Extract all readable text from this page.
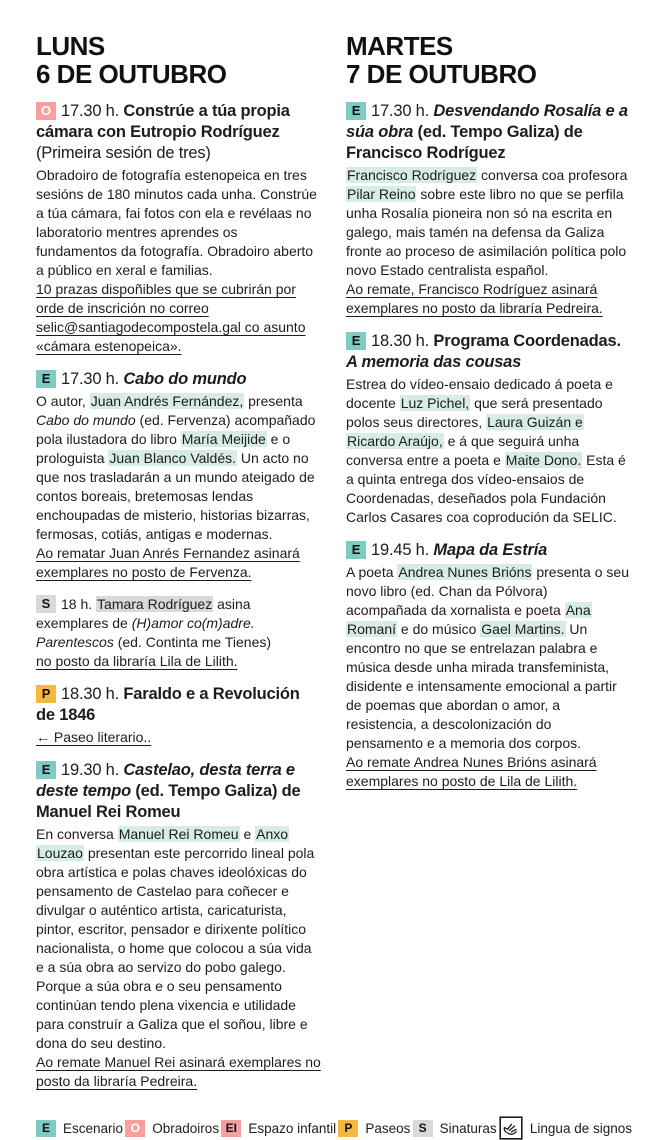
LUNS
6 DE OUTUBRO

O 17.30 h. Constrúe a túa propia cámara con Eutropio Rodríguez (Primeira sesión de tres)

Obradoiro de fotografía estenopeica en tres sesións de 180 minutos cada unha. Constrúe a túa cámara, fai fotos con ela e revélaas no laboratorio mentres aprendes os fundamentos da fotografía. Obradoiro aberto a público en xeral e familias.
10 prazas dispoñibles que se cubrirán por orde de inscrición no correo selic@santiagodecompostela.gal co asunto «cámara estenopeica».

E 17.30 h. Cabo do mundo

O autor, Juan Andrés Fernández, presenta Cabo do mundo (ed. Fervenza) acompañado pola ilustadora do libro María Meijide e o prologuista Juan Blanco Valdés. Un acto no que nos trasladarán a un mundo ateigado de contos boreais, bretemosas lendas enchoupadas de misterio, historias bizarras, fermosas, cotiás, antigas e modernas.
Ao rematar Juan Anrés Fernandez asinará exemplares no posto de Fervenza.

S 18 h. Tamara Rodríguez asina exemplares de (H)amor co(m)adre. Parentescos (ed. Continta me Tienes)
no posto da libraría Lila de Lilith.

P 18.30 h. Faraldo e a Revolución de 1846

← Paseo literario..

E 19.30 h. Castelao, desta terra e deste tempo (ed. Tempo Galiza) de Manuel Rei Romeu

En conversa Manuel Rei Romeu e Anxo Louzao presentan este percorrido lineal pola obra artística e polas chaves ideolóxicas do pensamento de Castelao para coñecer e divulgar o auténtico artista, caricaturista, pintor, escritor, pensador e dirixente político nacionalista, o home que colocou a súa vida e a súa obra ao servizo do pobo galego. Porque a súa obra e o seu pensamento continúan tendo plena vixencia e utilidade para construír a Galiza que el soñou, libre e dona do seu destino.
Ao remate Manuel Rei asinará exemplares no posto da libraría Pedreira.

MARTES
7 DE OUTUBRO

E 17.30 h. Desvendando Rosalía e a súa obra (ed. Tempo Galiza) de Francisco Rodríguez

Francisco Rodríguez conversa coa profesora Pilar Reino sobre este libro no que se perfila unha Rosalía pioneira non só na escrita en galego, mais tamén na defensa da Galiza fronte ao proceso de asimilación política polo novo Estado centralista español.
Ao remate, Francisco Rodríguez asinará exemplares no posto da libraría Pedreira.

E 18.30 h. Programa Coordenadas. A memoria das cousas

Estrea do vídeo-ensaio dedicado á poeta e docente Luz Pichel, que será presentado polos seus directores, Laura Guizán e Ricardo Araújo, e á que seguirá unha conversa entre a poeta e Maite Dono. Esta é a quinta entrega dos vídeo-ensaios de Coordenadas, deseñados pola Fundación Carlos Casares coa coprodución da SELIC.

E 19.45 h. Mapa da Estría

A poeta Andrea Nunes Brións presenta o seu novo libro (ed. Chan da Pólvora) acompañada da xornalista e poeta Ana Romaní e do músico Gael Martins. Un encontro no que se entrelazan palabra e música desde unha mirada transfeminista, disidente e intensamente emocional a partir de poemas que abordan o amor, a resistencia, a descolonización do pensamento e a memoria dos corpos.
Ao remate Andrea Nunes Brións asinará exemplares no posto de Lila de Lilith.

E Escenario O Obradoiros EI Espazo infantil P Paseos S Sinaturas Lingua de signos
